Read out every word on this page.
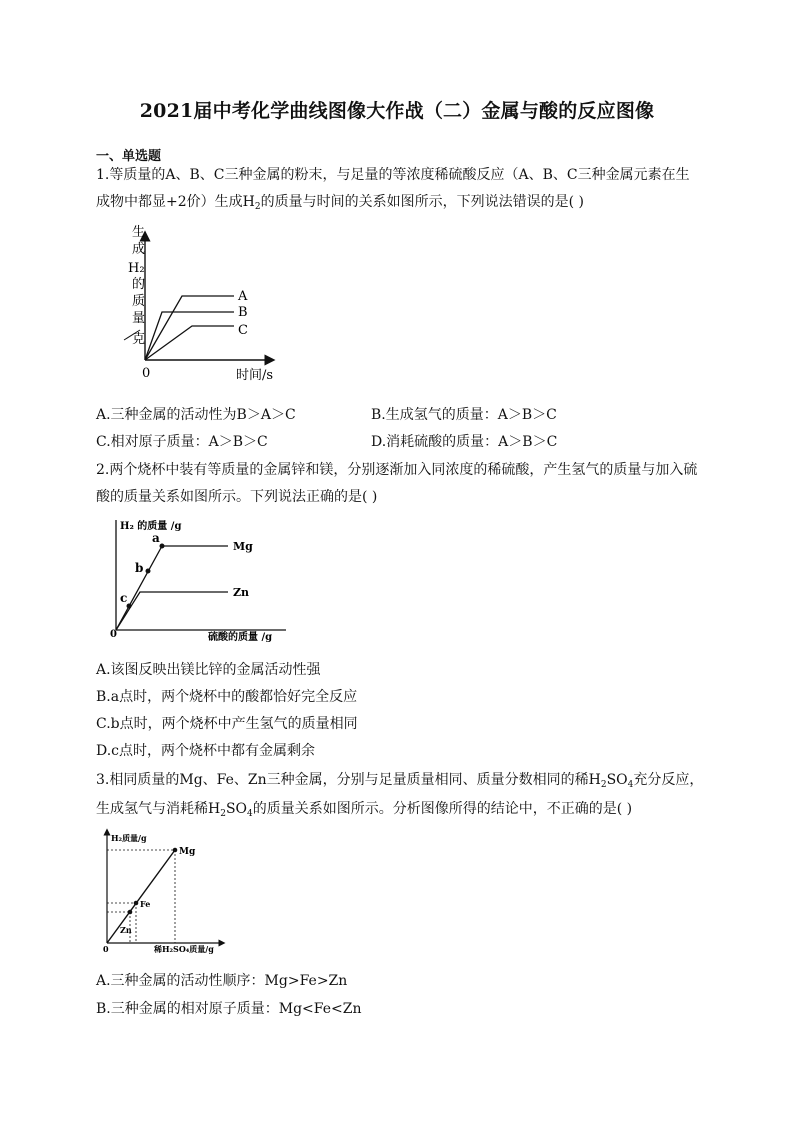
2021届中考化学曲线图像大作战（二）金属与酸的反应图像
一、单选题
1.等质量的A、B、C三种金属的粉末，与足量的等浓度稀硫酸反应（A、B、C三种金属元素在生
成物中都显+2价）生成$H_2$的质量与时间的关系如图所示，下列说法错误的是( )
生
成
H₂
的
质
量
克
0	时间/s
A
B
C
A.三种金属的活动性为B＞A＞C	B.生成氢气的质量：A＞B＞C
C.相对原子质量：A＞B＞C	D.消耗硫酸的质量：A＞B＞C
2.两个烧杯中装有等质量的金属锌和镁，分别逐渐加入同浓度的稀硫酸，产生氢气的质量与加入硫
酸的质量关系如图所示。下列说法正确的是( )
H₂ 的质量 /g
0	硫酸的质量 /g
a
b
c
Mg
Zn
A.该图反映出镁比锌的金属活动性强
B.a点时，两个烧杯中的酸都恰好完全反应
C.b点时，两个烧杯中产生氢气的质量相同
D.c点时，两个烧杯中都有金属剩余
3.相同质量的Mg、Fe、Zn三种金属，分别与足量质量相同、质量分数相同的稀$H_2SO_4$充分反应，
生成氢气与消耗稀$H_2SO_4$的质量关系如图所示。分析图像所得的结论中，不正确的是( )
H₂质量/g
0	稀H₂SO₄质量/g
Mg
Fe
Zn
A.三种金属的活动性顺序：Mg>Fe>Zn
B.三种金属的相对原子质量：Mg<Fe<Zn
